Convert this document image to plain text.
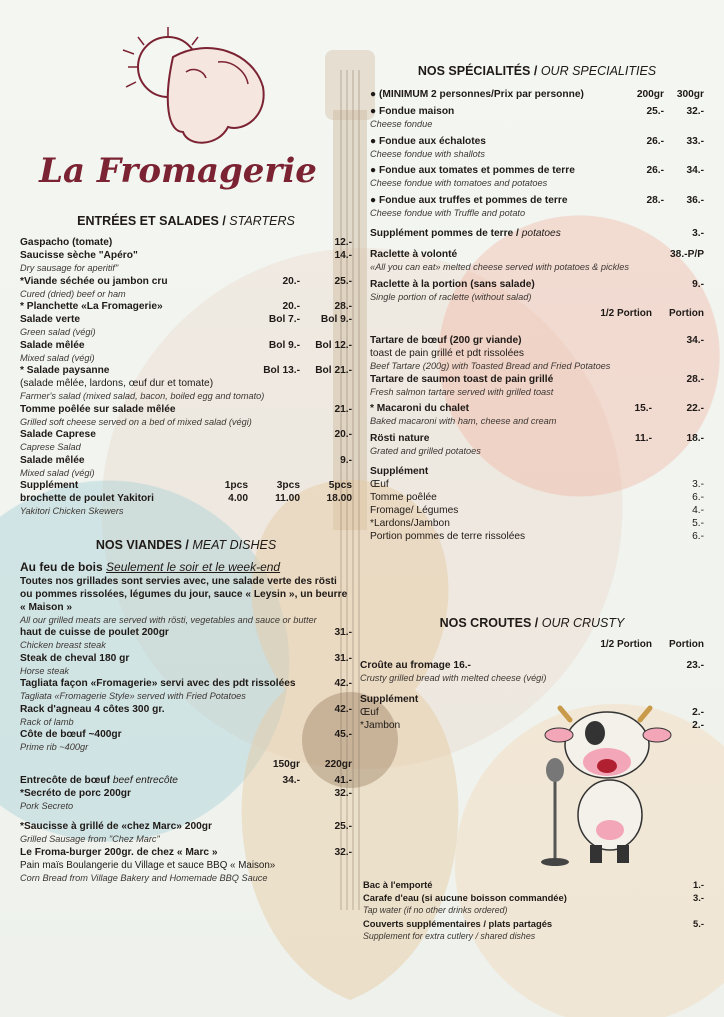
La Fromagerie
ENTRÉES ET SALADES / STARTERS
Gaspacho (tomate)	12.-
Saucisse sèche "Apéro"	14.-
Dry sausage for aperitif"
*Viande séchée ou jambon cru	20.-	25.-
Cured (dried) beef or ham
* Planchette «La Fromagerie»	20.-	28.-
Salade verte	Bol 7.-	Bol 9.-
Green salad (végi)
Salade mêlée	Bol 9.-	Bol 12.-
Mixed salad (végi)
* Salade paysanne	Bol 13.-	Bol 21.-
(salade mêlée, lardons, œuf dur et tomate)
Farmer's salad (mixed salad, bacon, boiled egg and tomato)
Tomme poêlée sur salade mêlée	21.-
Grilled soft cheese served on a bed of mixed salad (végi)
Salade Caprese	20.-
Caprese Salad
Salade mêlée	9.-
Mixed salad (végi)
Supplément	1pcs	3pcs	5pcs
brochette de poulet Yakitori	4.00	11.00	18.00
Yakitori Chicken Skewers
NOS VIANDES / MEAT DISHES
Au feu de bois Seulement le soir et le week-end
Toutes nos grillades sont servies avec, une salade verte des rösti ou pommes rissolées, légumes du jour, sauce « Leysin », un beurre « Maison »
All our grilled meats are served with rösti, vegetables and sauce or butter
haut de cuisse de poulet 200gr	31.-
Chicken breast steak
Steak de cheval 180 gr	31.-
Horse steak
Tagliata façon «Fromagerie» servi avec des pdt rissolées	42.-
Tagliata «Fromagerie Style» served with Fried Potatoes
Rack d'agneau 4 côtes 300 gr.	42.-
Rack of lamb
Côte de bœuf ~400gr	45.-
Prime rib ~400gr
150gr	220gr
Entrecôte de bœuf beef entrecôte	34.-	41.-
*Secréto de porc 200gr	32.-
Pork Secreto
*Saucisse à grillé de «chez Marc» 200gr	25.-
Grilled Sausage from "Chez Marc"
Le Froma-burger 200gr. de chez « Marc »	32.-
Pain maïs Boulangerie du Village et sauce BBQ « Maison»
Corn Bread from Village Bakery and Homemade BBQ Sauce
NOS SPÉCIALITÉS / OUR SPECIALITIES
● (MINIMUM 2 personnes/Prix par personne)	200gr	300gr
● Fondue maison	25.-	32.-
Cheese fondue
● Fondue aux échalotes	26.-	33.-
Cheese fondue with shallots
● Fondue aux tomates et pommes de terre	26.-	34.-
Cheese fondue with tomatoes and potatoes
● Fondue aux truffes et pommes de terre	28.-	36.-
Cheese fondue with Truffle and potato
Supplément pommes de terre / potatoes	3.-
Raclette à volonté	38.-P/P
«All you can eat» melted cheese served with potatoes & pickles
Raclette à la portion (sans salade)	9.-
Single portion of raclette (without salad)
1/2 Portion	Portion
Tartare de bœuf (200 gr viande)	34.-
toast de pain grillé et pdt rissolées
Beef Tartare (200g) with Toasted Bread and Fried Potatoes
Tartare de saumon toast de pain grillé	28.-
Fresh salmon tartare served with grilled toast
* Macaroni du chalet	15.-	22.-
Baked macaroni with ham, cheese and cream
Rösti nature	11.-	18.-
Grated and grilled potatoes
Supplément
Œuf	3.-
Tomme poêlée	6.-
Fromage/ Légumes	4.-
*Lardons/Jambon	5.-
Portion pommes de terre rissolées	6.-
NOS CROUTES / OUR CRUSTY
1/2 Portion	Portion
Croûte au fromage 16.-	23.-
Crusty grilled bread with melted cheese (végi)
Supplément
Œuf	2.-
*Jambon	2.-
Bac à l'emporté	1.-
Carafe d'eau (si aucune boisson commandée)	3.-
Tap water (if no other drinks ordered)
Couverts supplémentaires / plats partagés	5.-
Supplement for extra cutlery / shared dishes
